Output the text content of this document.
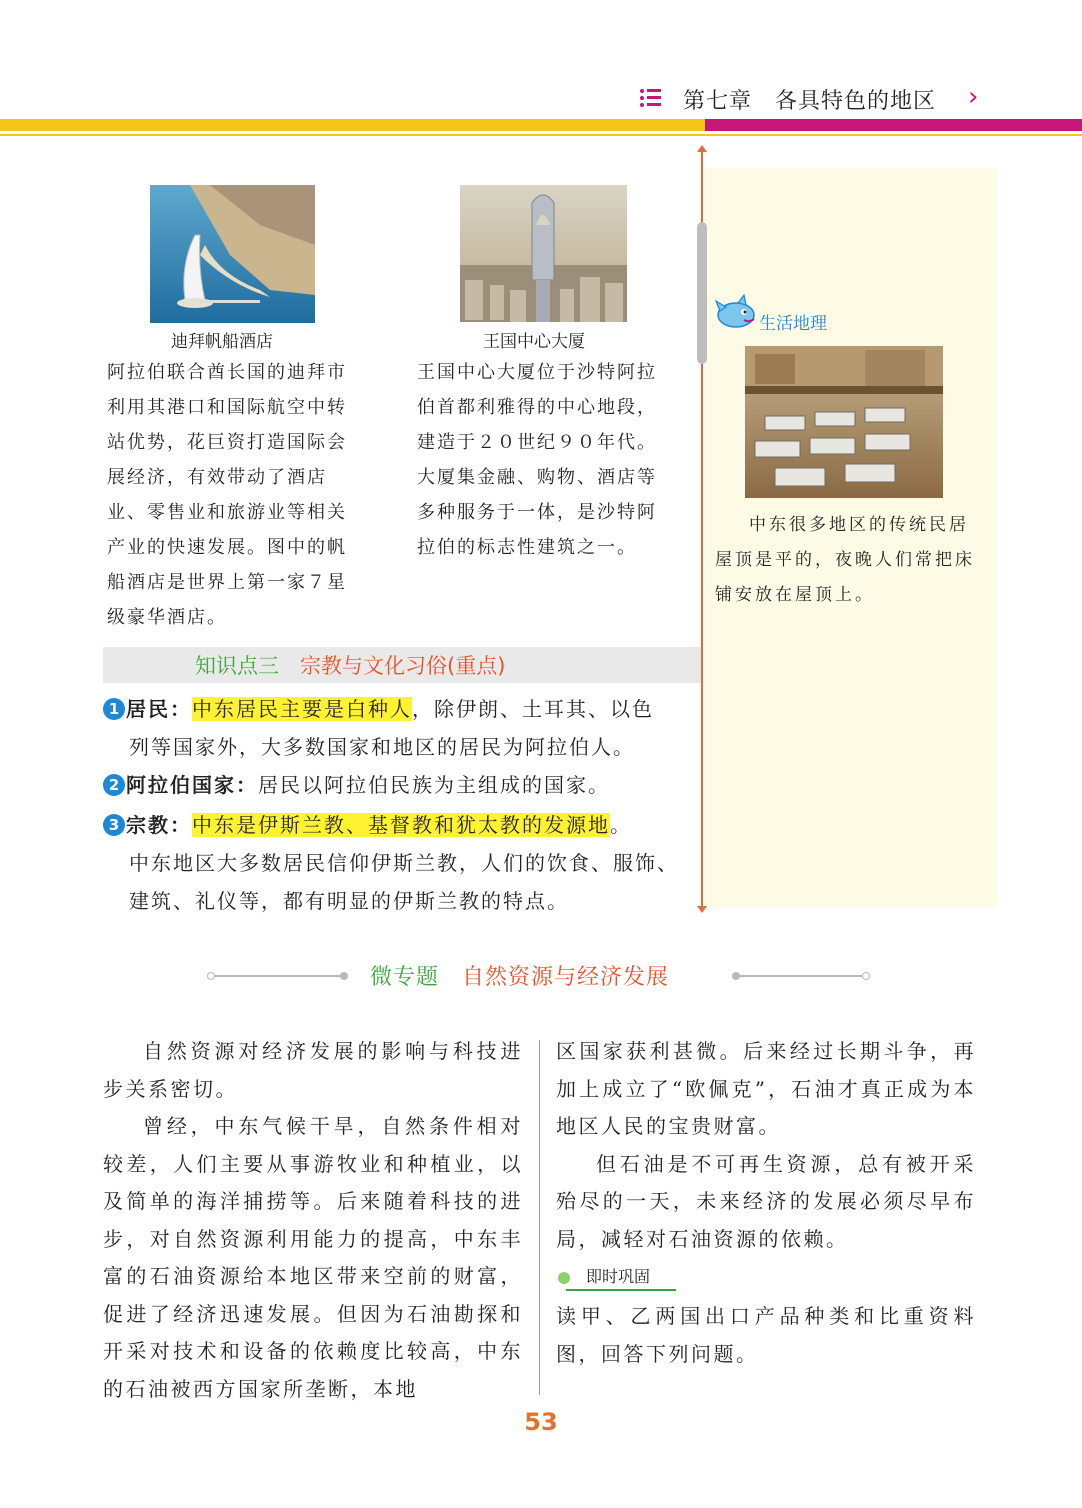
第七章　各具特色的地区 ›
生活地理
中东很多地区的传统民居屋顶是平的，夜晚人们常把床铺安放在屋顶上。
迪拜帆船酒店
阿拉伯联合酋长国的迪拜市利用其港口和国际航空中转站优势，花巨资打造国际会展经济，有效带动了酒店业、零售业和旅游业等相关产业的快速发展。图中的帆船酒店是世界上第一家７星级豪华酒店。
王国中心大厦
王国中心大厦位于沙特阿拉伯首都利雅得的中心地段，建造于２０世纪９０年代。大厦集金融、购物、酒店等多种服务于一体，是沙特阿拉伯的标志性建筑之一。
知识点三　 宗教与文化习俗(重点)
1 居民：中东居民主要是白种人，除伊朗、土耳其、以色
列等国家外，大多数国家和地区的居民为阿拉伯人。
2 阿拉伯国家：居民以阿拉伯民族为主组成的国家。
3 宗教：中东是伊斯兰教、基督教和犹太教的发源地。
中东地区大多数居民信仰伊斯兰教，人们的饮食、服饰、建筑、礼仪等，都有明显的伊斯兰教的特点。
微专题　 自然资源与经济发展

自然资源对经济发展的影响与科技进步关系密切。

曾经，中东气候干旱，自然条件相对较差，人们主要从事游牧业和种植业，以及简单的海洋捕捞等。后来随着科技的进步，对自然资源利用能力的提高，中东丰富的石油资源给本地区带来空前的财富，促进了经济迅速发展。但因为石油勘探和开采对技术和设备的依赖度比较高，中东的石油被西方国家所垄断，本地

区国家获利甚微。后来经过长期斗争，再加上成立了“欧佩克”，石油才真正成为本地区人民的宝贵财富。

但石油是不可再生资源，总有被开采殆尽的一天，未来经济的发展必须尽早布局，减轻对石油资源的依赖。

即时巩固
读甲、乙两国出口产品种类和比重资料图，回答下列问题。
53
